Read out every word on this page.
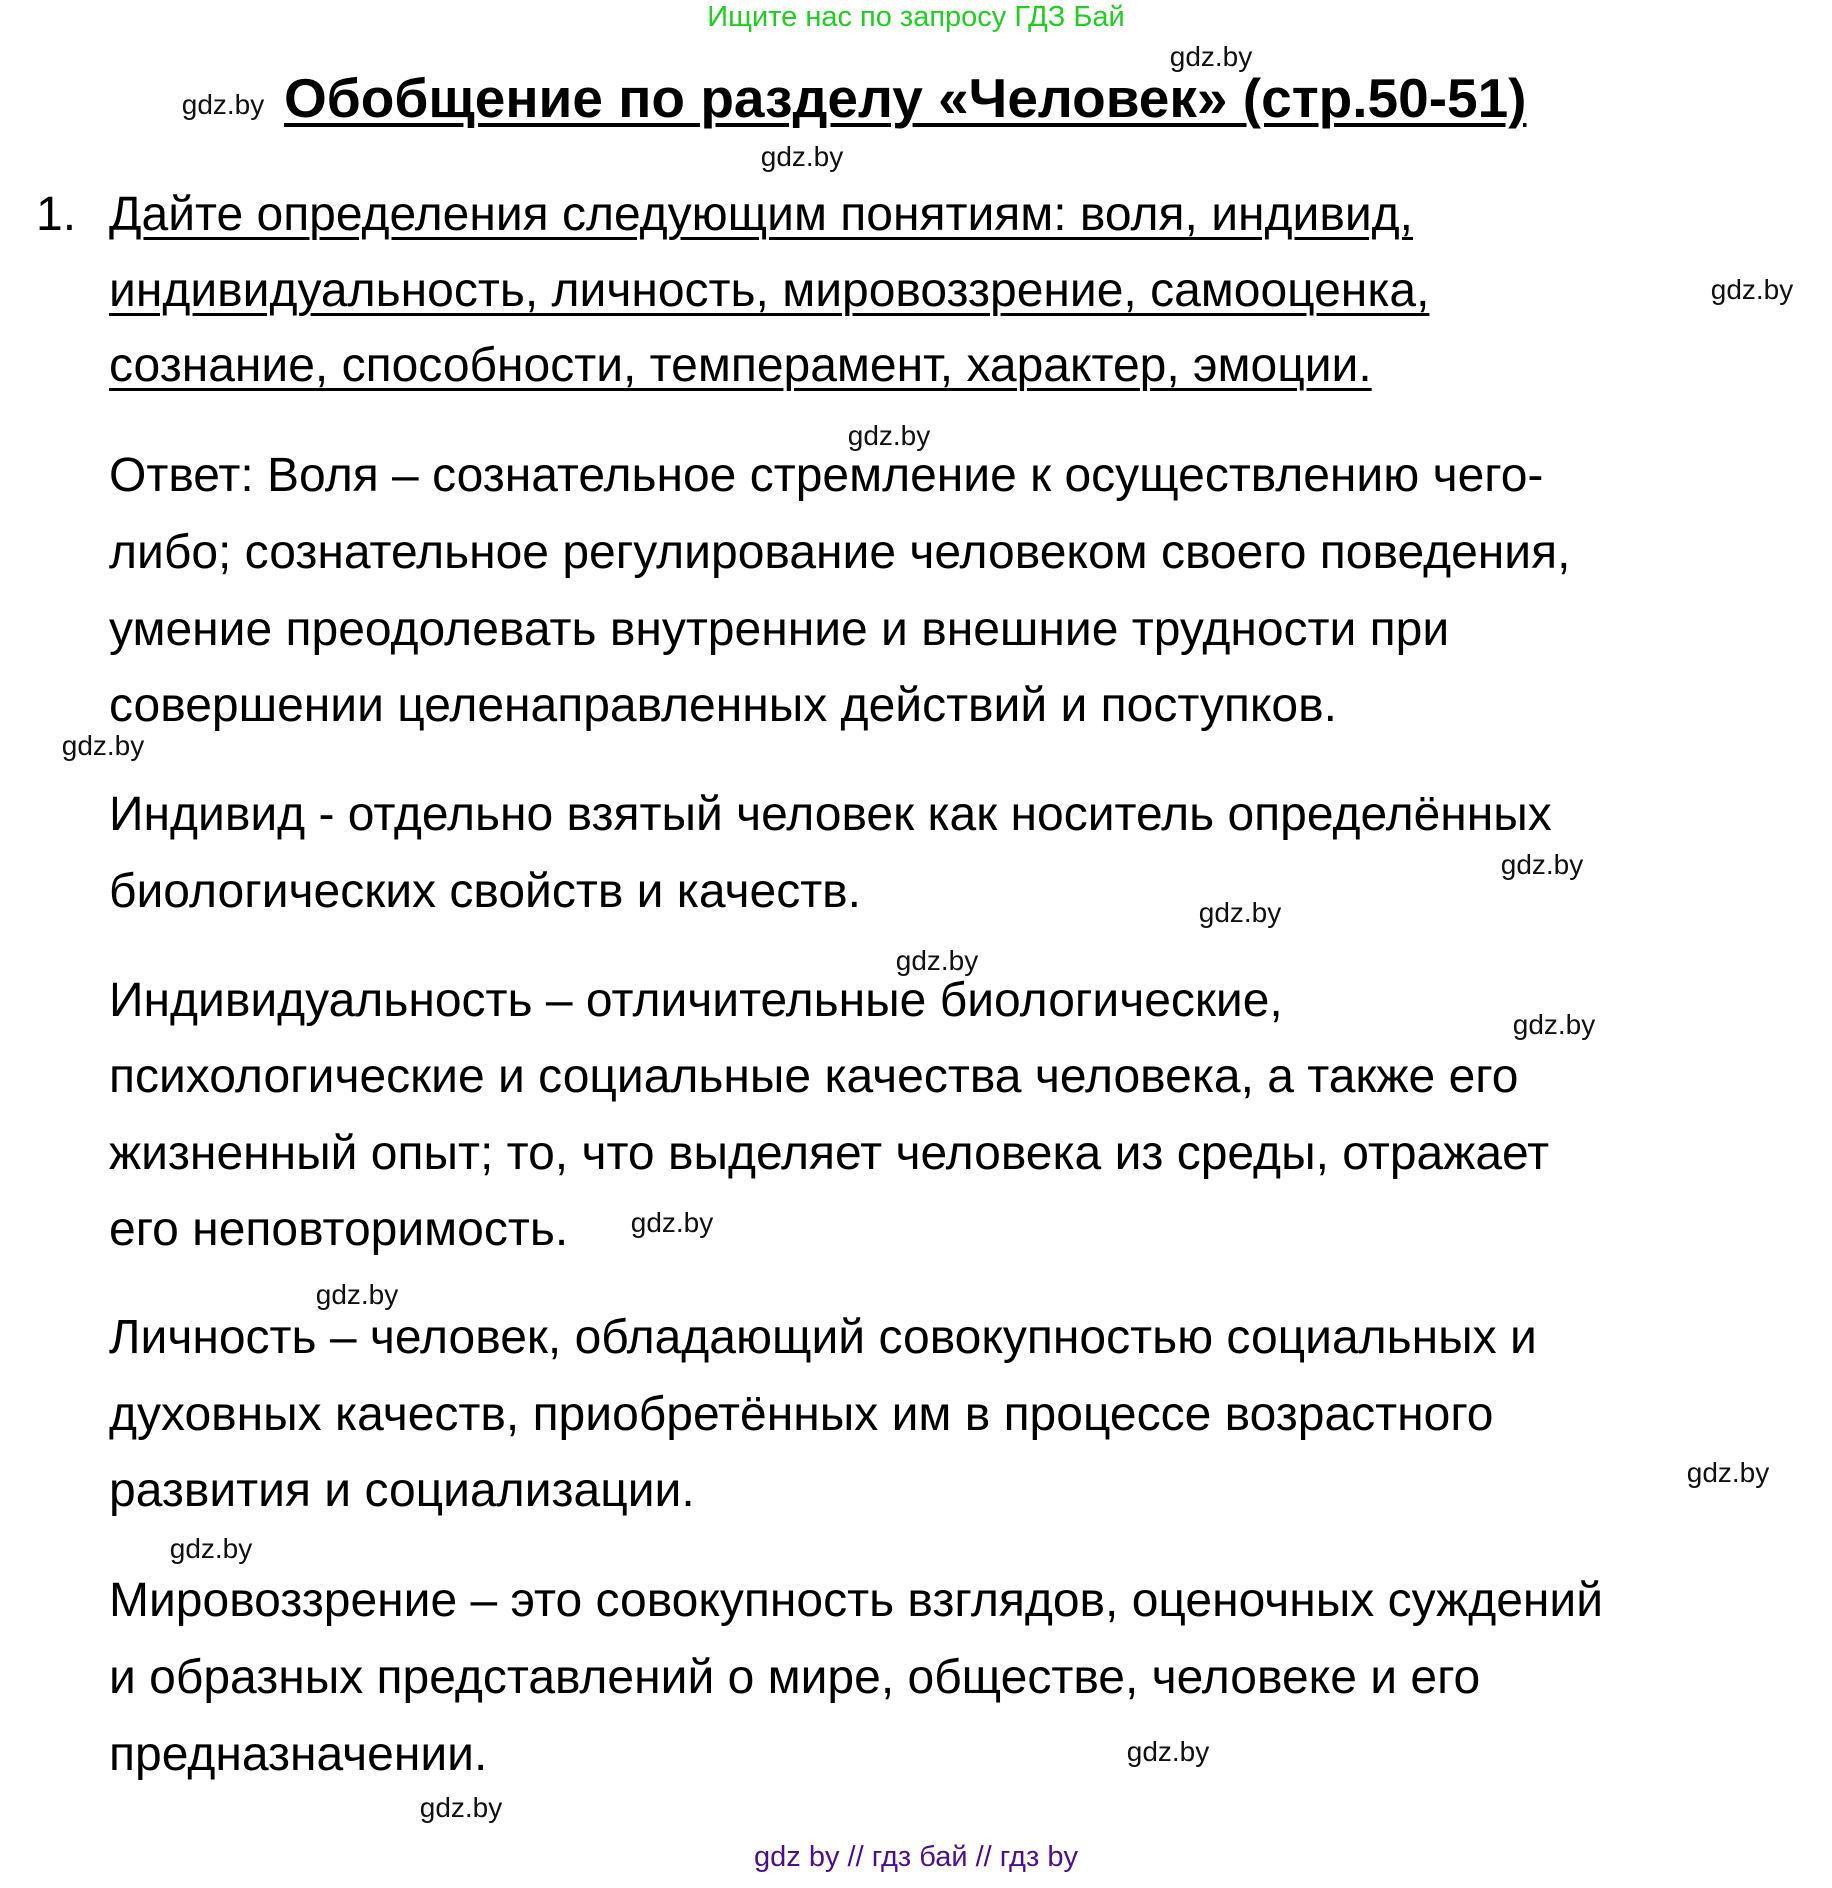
Ищите нас по запросу ГДЗ Бай
Обобщение по разделу «Человек» (стр.50-51)
1. Дайте определения следующим понятиям: воля, индивид,
индивидуальность, личность, мировоззрение, самооценка,
сознание, способности, темперамент, характер, эмоции.
Ответ: Воля – сознательное стремление к осуществлению чего-
либо; сознательное регулирование человеком своего поведения,
умение преодолевать внутренние и внешние трудности при
совершении целенаправленных действий и поступков.
Индивид - отдельно взятый человек как носитель определённых
биологических свойств и качеств.
Индивидуальность – отличительные биологические,
психологические и социальные качества человека, а также его
жизненный опыт; то, что выделяет человека из среды, отражает
его неповторимость.
Личность – человек, обладающий совокупностью социальных и
духовных качеств, приобретённых им в процессе возрастного
развития и социализации.
Мировоззрение – это совокупность взглядов, оценочных суждений
и образных представлений о мире, обществе, человеке и его
предназначении.
gdz.by
gdz.by
gdz.by
gdz.by
gdz.by
gdz.by
gdz.by
gdz.by
gdz.by
gdz.by
gdz.by
gdz.by
gdz.by
gdz.by
gdz.by
gdz.by
gdz by // гдз бай // гдз by
